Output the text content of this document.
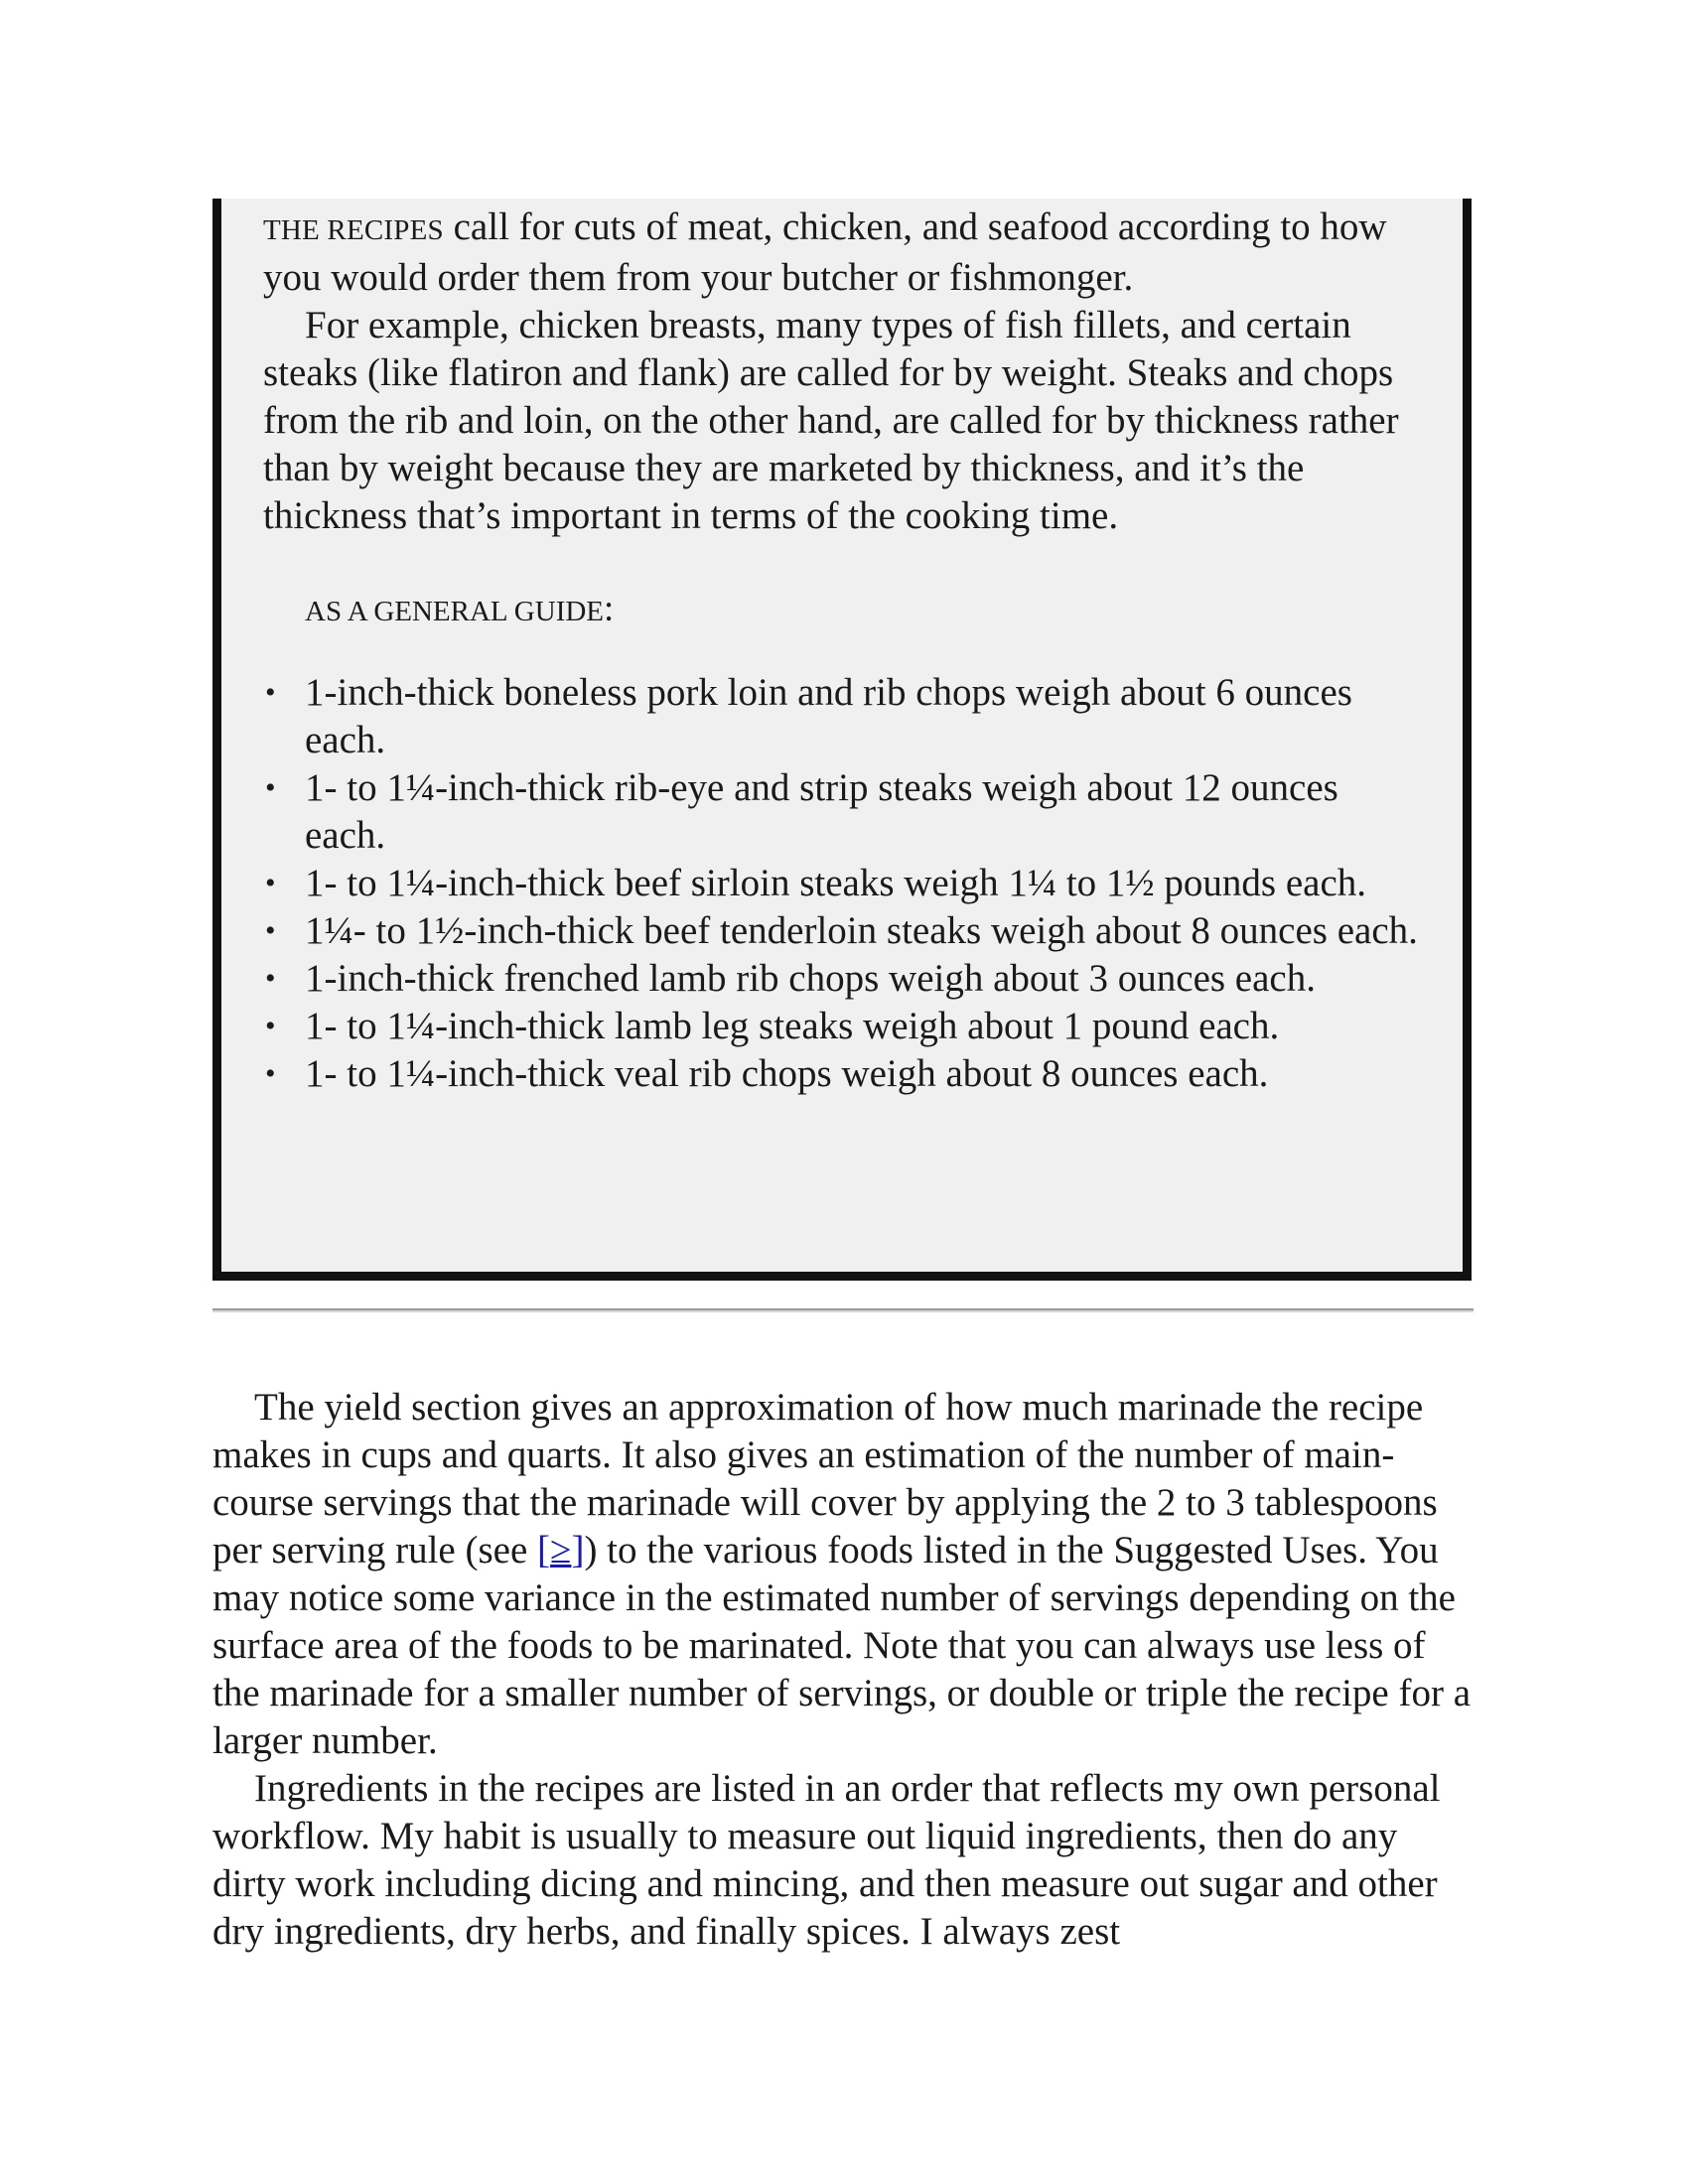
THE RECIPES call for cuts of meat, chicken, and seafood according to how you would order them from your butcher or fishmonger.

For example, chicken breasts, many types of fish fillets, and certain steaks (like flatiron and flank) are called for by weight. Steaks and chops from the rib and loin, on the other hand, are called for by thickness rather than by weight because they are marketed by thickness, and it’s the thickness that’s important in terms of the cooking time.

AS A GENERAL GUIDE:
• 1-inch-thick boneless pork loin and rib chops weigh about 6 ounces each.
• 1- to 1¼-inch-thick rib-eye and strip steaks weigh about 12 ounces each.
• 1- to 1¼-inch-thick beef sirloin steaks weigh 1¼ to 1½ pounds each.
• 1¼- to 1½-inch-thick beef tenderloin steaks weigh about 8 ounces each.
• 1-inch-thick frenched lamb rib chops weigh about 3 ounces each.
• 1- to 1¼-inch-thick lamb leg steaks weigh about 1 pound each.
• 1- to 1¼-inch-thick veal rib chops weigh about 8 ounces each.

The yield section gives an approximation of how much marinade the recipe makes in cups and quarts. It also gives an estimation of the number of main-course servings that the marinade will cover by applying the 2 to 3 tablespoons per serving rule (see [≥]) to the various foods listed in the Suggested Uses. You may notice some variance in the estimated number of servings depending on the surface area of the foods to be marinated. Note that you can always use less of the marinade for a smaller number of servings, or double or triple the recipe for a larger number.

Ingredients in the recipes are listed in an order that reflects my own personal workflow. My habit is usually to measure out liquid ingredients, then do any dirty work including dicing and mincing, and then measure out sugar and other dry ingredients, dry herbs, and finally spices. I always zest
